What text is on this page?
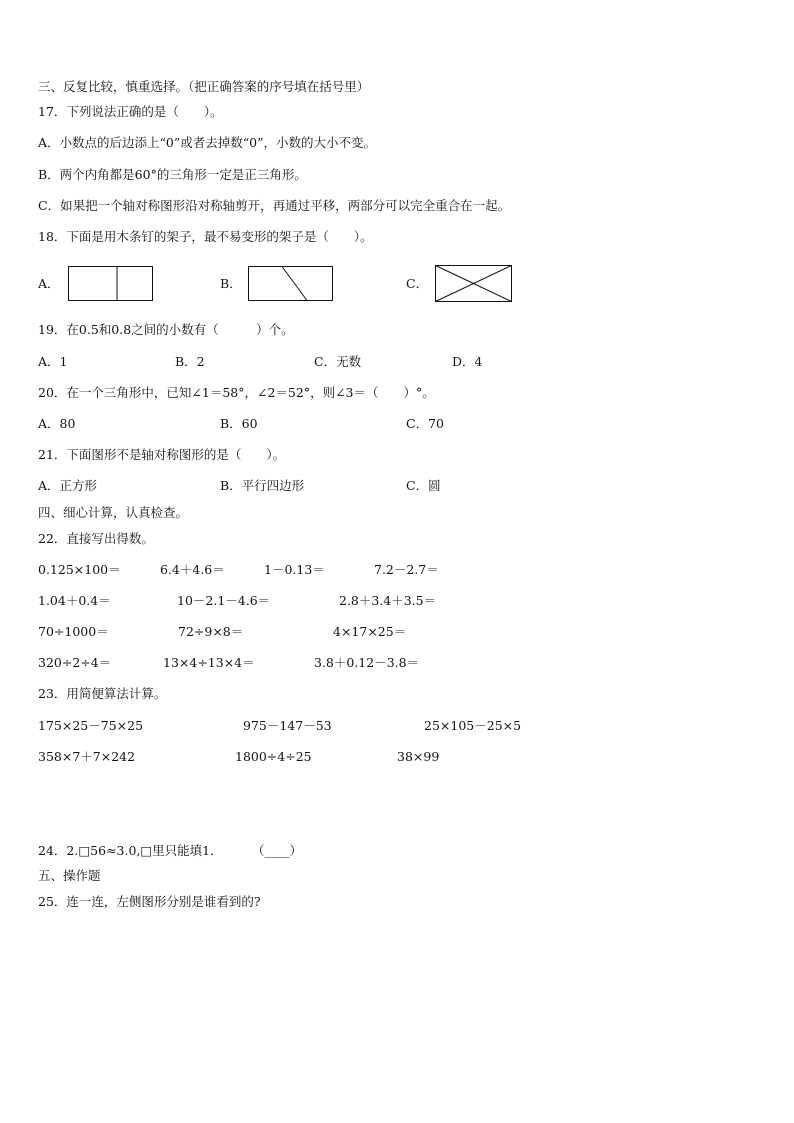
三、反复比较，慎重选择。（把正确答案的序号填在括号里）
17．下列说法正确的是（　　）。
A．小数点的后边添上“0”或者去掉数“0”，小数的大小不变。
B．两个内角都是60°的三角形一定是正三角形。
C．如果把一个轴对称图形沿对称轴剪开，再通过平移，两部分可以完全重合在一起。
18．下面是用木条钉的架子，最不易变形的架子是（　　）。
A．	B．	C．
19．在0.5和0.8之间的小数有（　　　）个。
A．1	B．2	C．无数	D．4
20．在一个三角形中，已知∠1＝58°，∠2＝52°，则∠3＝（　　）°。
A．80	B．60	C．70
21．下面图形不是轴对称图形的是（　　）。
A．正方形	B．平行四边形	C．圆
四、细心计算，认真检查。
22．直接写出得数。
0.125×100＝	6.4＋4.6＝	1－0.13＝	7.2－2.7＝
1.04＋0.4＝	10－2.1－4.6＝	2.8＋3.4＋3.5＝
70÷1000＝	72÷9×8＝	4×17×25＝
320÷2÷4＝	13×4÷13×4＝	3.8＋0.12－3.8＝
23．用简便算法计算。
175×25－75×25	975－147－53	25×105－25×5
358×7＋7×242	1800÷4÷25	38×99
24．2.□56≈3.0,□里只能填1． （____）
五、操作题
25．连一连，左侧图形分别是谁看到的?
